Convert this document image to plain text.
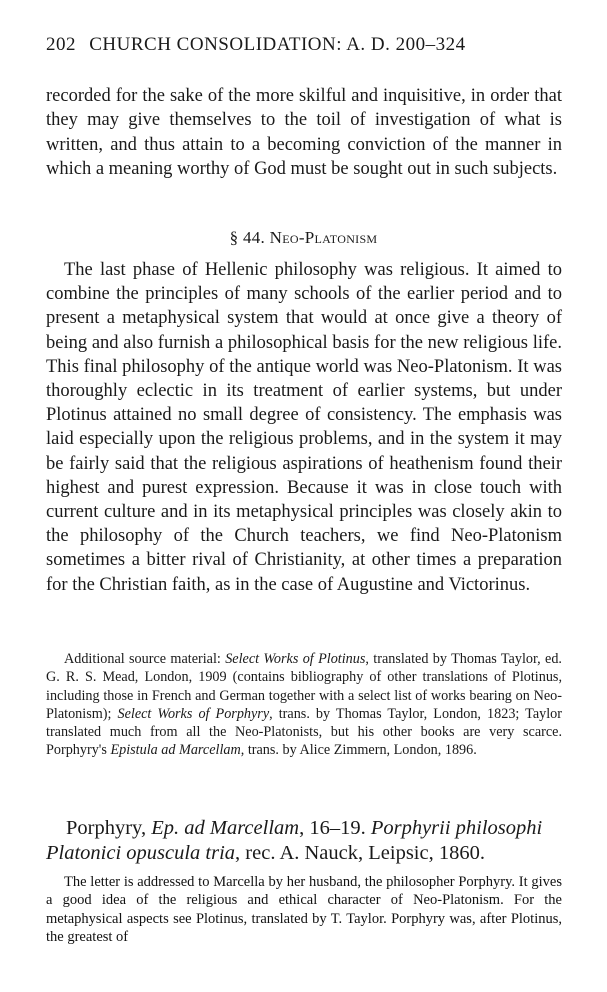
202 CHURCH CONSOLIDATION: A. D. 200–324

recorded for the sake of the more skilful and inquisitive, in order that they may give themselves to the toil of investigation of what is written, and thus attain to a becoming conviction of the manner in which a meaning worthy of God must be sought out in such subjects.

§ 44. Neo-Platonism

The last phase of Hellenic philosophy was religious. It aimed to combine the principles of many schools of the earlier period and to present a metaphysical system that would at once give a theory of being and also furnish a philosophical basis for the new religious life. This final philosophy of the antique world was Neo-Platonism. It was thoroughly eclectic in its treatment of earlier systems, but under Plotinus attained no small degree of consistency. The emphasis was laid especially upon the religious problems, and in the system it may be fairly said that the religious aspirations of heathenism found their highest and purest expression. Because it was in close touch with current culture and in its metaphysical principles was closely akin to the philosophy of the Church teachers, we find Neo-Platonism sometimes a bitter rival of Christianity, at other times a preparation for the Christian faith, as in the case of Augustine and Victorinus.

Additional source material: Select Works of Plotinus, translated by Thomas Taylor, ed. G. R. S. Mead, London, 1909 (contains bibliography of other translations of Plotinus, including those in French and German together with a select list of works bearing on Neo-Platonism); Select Works of Porphyry, trans. by Thomas Taylor, London, 1823; Taylor translated much from all the Neo-Platonists, but his other books are very scarce. Porphyry's Epistula ad Marcellam, trans. by Alice Zimmern, London, 1896.

Porphyry, Ep. ad Marcellam, 16–19. Porphyrii philosophi Platonici opuscula tria, rec. A. Nauck, Leipsic, 1860.

The letter is addressed to Marcella by her husband, the philosopher Porphyry. It gives a good idea of the religious and ethical character of Neo-Platonism. For the metaphysical aspects see Plotinus, translated by T. Taylor. Porphyry was, after Plotinus, the greatest of
